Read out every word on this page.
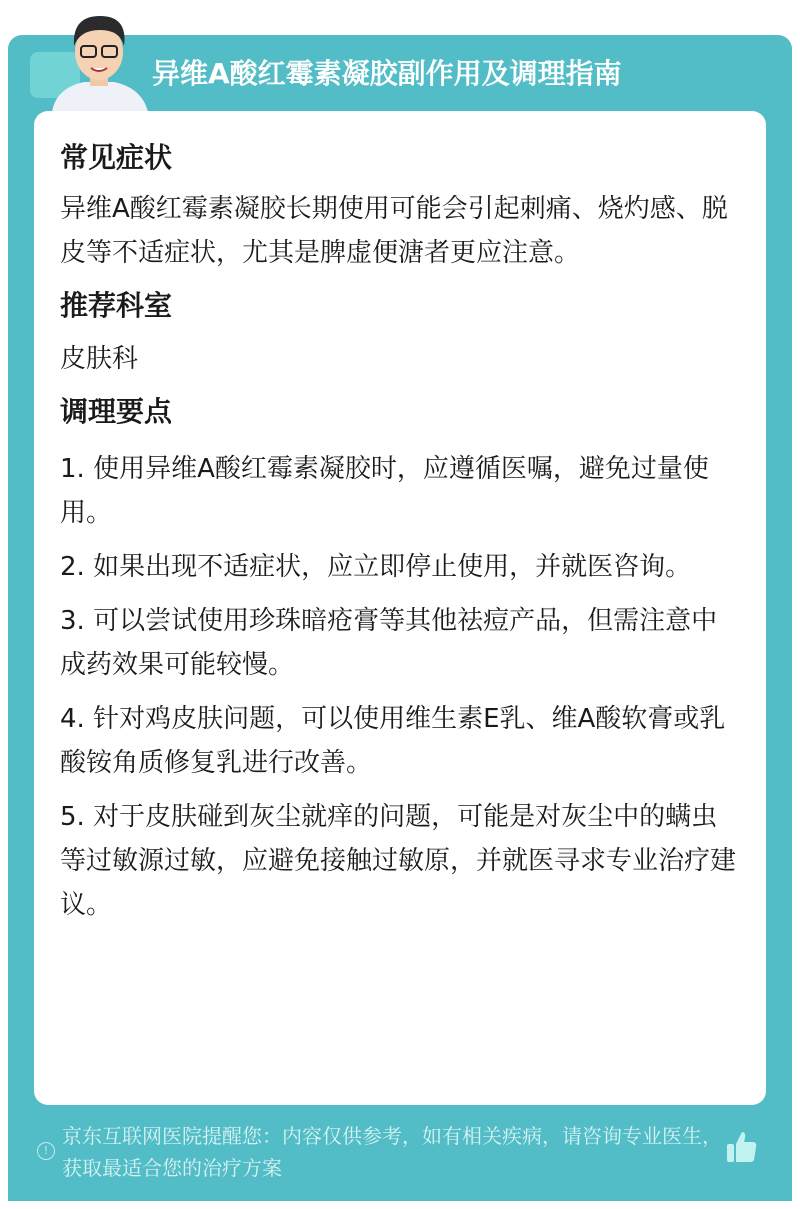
异维A酸红霉素凝胶副作用及调理指南
常见症状

异维A酸红霉素凝胶长期使用可能会引起刺痛、烧灼感、脱皮等不适症状，尤其是脾虚便溏者更应注意。

推荐科室

皮肤科

调理要点

1. 使用异维A酸红霉素凝胶时，应遵循医嘱，避免过量使用。

2. 如果出现不适症状，应立即停止使用，并就医咨询。

3. 可以尝试使用珍珠暗疮膏等其他祛痘产品，但需注意中成药效果可能较慢。

4. 针对鸡皮肤问题，可以使用维生素E乳、维A酸软膏或乳酸铵角质修复乳进行改善。

5. 对于皮肤碰到灰尘就痒的问题，可能是对灰尘中的螨虫等过敏源过敏，应避免接触过敏原，并就医寻求专业治疗建议。

!
京东互联网医院提醒您：内容仅供参考，如有相关疾病，请咨询专业医生，获取最适合您的治疗方案
